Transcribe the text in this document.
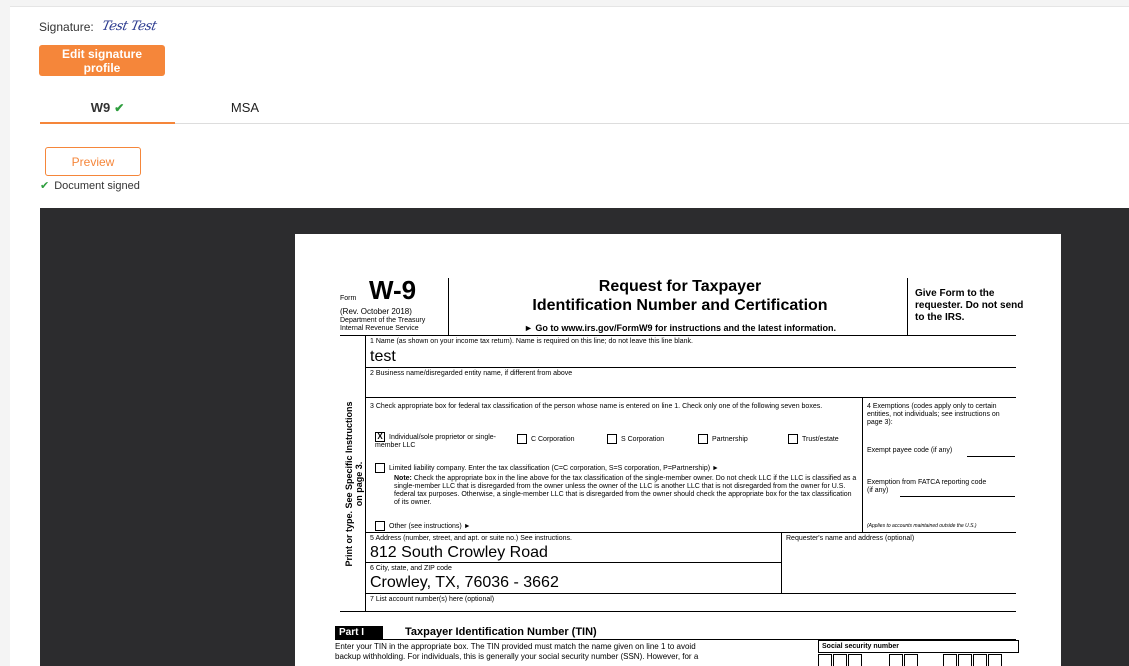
Signature: Test Test
Edit signature profile
W9 ✔	MSA
Preview
✔ Document signed
Form W-9
(Rev. October 2018)
Department of the Treasury
Internal Revenue Service
Request for Taxpayer
Identification Number and Certification
► Go to www.irs.gov/FormW9 for instructions and the latest information.
Give Form to the requester. Do not send to the IRS.
Print or type. See Specific Instructions on page 3.
1 Name (as shown on your income tax return). Name is required on this line; do not leave this line blank.
test
2 Business name/disregarded entity name, if different from above
3 Check appropriate box for federal tax classification of the person whose name is entered on line 1. Check only one of the following seven boxes.
X Individual/sole proprietor or single-member LLC
C Corporation	S Corporation	Partnership	Trust/estate
Limited liability company. Enter the tax classification (C=C corporation, S=S corporation, P=Partnership) ►
Note: Check the appropriate box in the line above for the tax classification of the single-member owner. Do not check LLC if the LLC is classified as a single-member LLC that is disregarded from the owner unless the owner of the LLC is another LLC that is not disregarded from the owner for U.S. federal tax purposes. Otherwise, a single-member LLC that is disregarded from the owner should check the appropriate box for the tax classification of its owner.
Other (see instructions) ►
4 Exemptions (codes apply only to certain entities, not individuals; see instructions on page 3):
Exempt payee code (if any)
Exemption from FATCA reporting code (if any)
(Applies to accounts maintained outside the U.S.)
5 Address (number, street, and apt. or suite no.) See instructions.
812 South Crowley Road
Requester's name and address (optional)
6 City, state, and ZIP code
Crowley, TX, 76036 - 3662
7 List account number(s) here (optional)
Part I	Taxpayer Identification Number (TIN)
Enter your TIN in the appropriate box. The TIN provided must match the name given on line 1 to avoid
backup withholding. For individuals, this is generally your social security number (SSN). However, for a
Social security number
